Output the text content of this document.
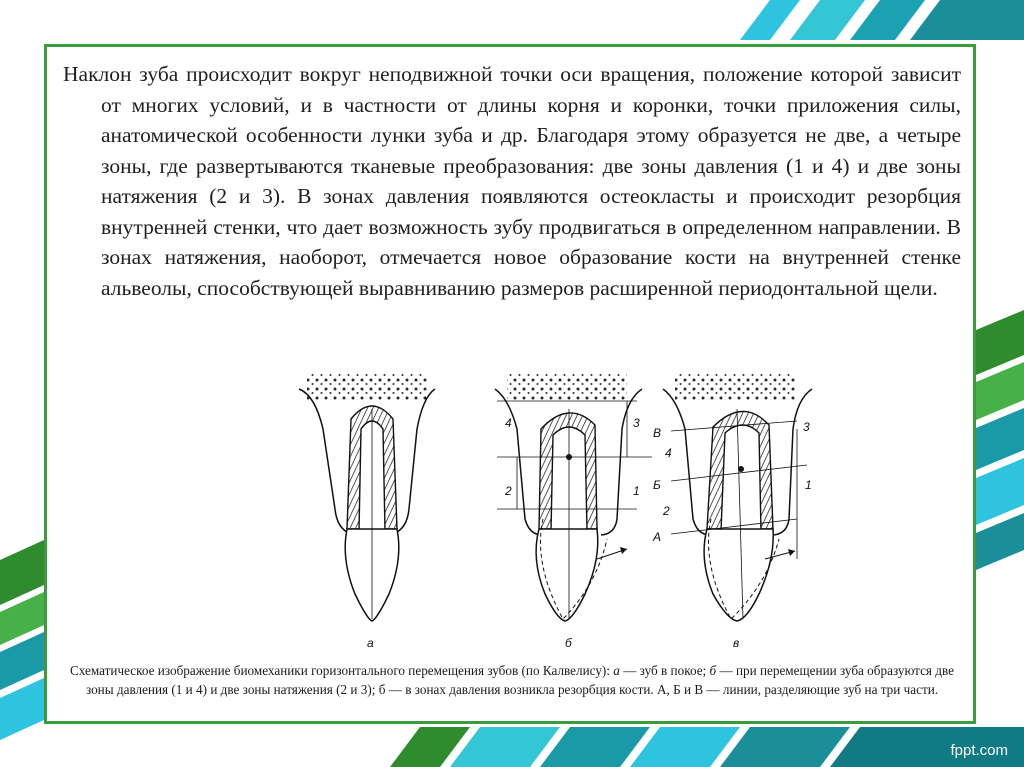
Наклон зуба происходит вокруг неподвижной точки оси вращения, положение которой зависит от многих условий, и в частности от длины корня и коронки, точки приложения силы, анатомической особенности лунки зуба и др. Благодаря этому образуется не две, а четыре зоны, где развертываются тканевые преобразования: две зоны давления (1 и 4) и две зоны натяжения (2 и 3). В зонах давления появляются остеокласты и происходит резорбция внутренней стенки, что дает возможность зубу продвигаться в определенном направлении. В зонах натяжения, наоборот, отмечается новое образование кости на внутренней стенке альвеолы, способствующей выравниванию размеров расширенной периодонтальной щели.
а
4	3
2	1
б
В
4
3
Б	1
2
А
в
Схематическое изображение биомеханики горизонтального перемещения зубов (по Калвелису): а — зуб в покое; б — при перемещении зуба образуются две зоны давления (1 и 4) и две зоны натяжения (2 и 3); б — в зонах давления возникла резорбция кости. А, Б и В — линии, разделяющие зуб на три части.
fppt.com
